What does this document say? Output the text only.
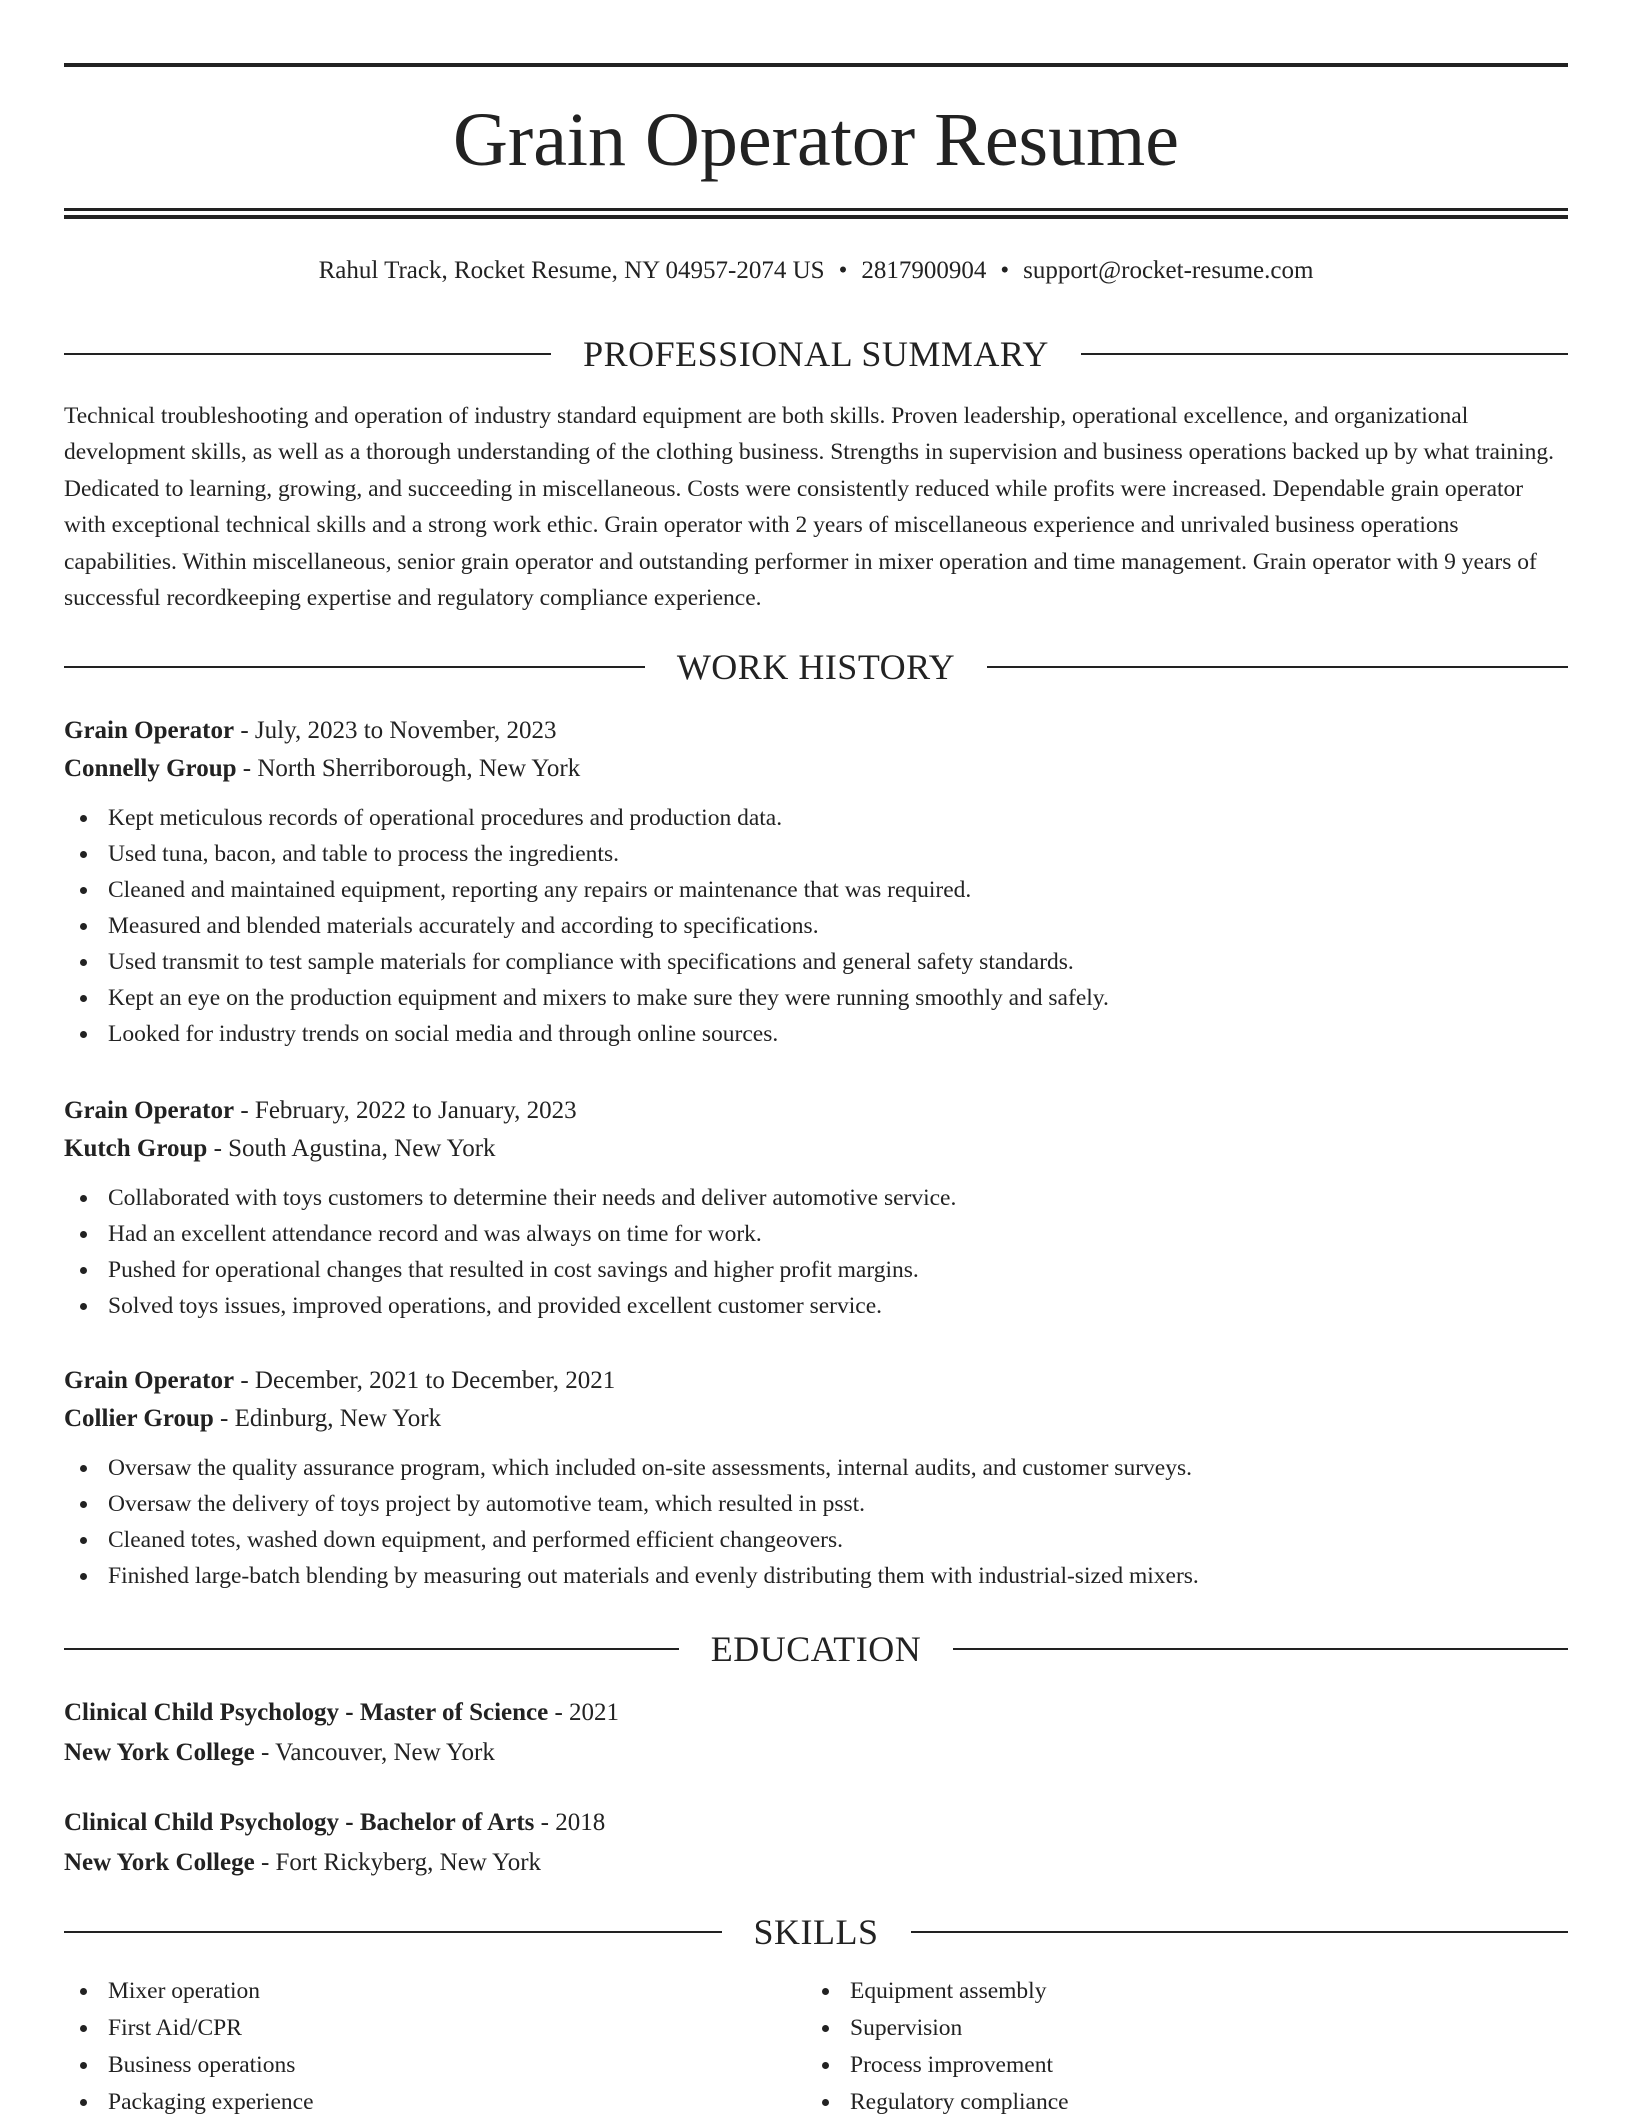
Grain Operator Resume
Rahul Track, Rocket Resume, NY 04957-2074 US • 2817900904 • support@rocket-resume.com
PROFESSIONAL SUMMARY

Technical troubleshooting and operation of industry standard equipment are both skills. Proven leadership, operational excellence, and organizational development skills, as well as a thorough understanding of the clothing business. Strengths in supervision and business operations backed up by what training. Dedicated to learning, growing, and succeeding in miscellaneous. Costs were consistently reduced while profits were increased. Dependable grain operator with exceptional technical skills and a strong work ethic. Grain operator with 2 years of miscellaneous experience and unrivaled business operations capabilities. Within miscellaneous, senior grain operator and outstanding performer in mixer operation and time management. Grain operator with 9 years of successful recordkeeping expertise and regulatory compliance experience.

WORK HISTORY
Grain Operator - July, 2023 to November, 2023
Connelly Group - North Sherriborough, New York
Kept meticulous records of operational procedures and production data.
Used tuna, bacon, and table to process the ingredients.
Cleaned and maintained equipment, reporting any repairs or maintenance that was required.
Measured and blended materials accurately and according to specifications.
Used transmit to test sample materials for compliance with specifications and general safety standards.
Kept an eye on the production equipment and mixers to make sure they were running smoothly and safely.
Looked for industry trends on social media and through online sources.
Grain Operator - February, 2022 to January, 2023
Kutch Group - South Agustina, New York
Collaborated with toys customers to determine their needs and deliver automotive service.
Had an excellent attendance record and was always on time for work.
Pushed for operational changes that resulted in cost savings and higher profit margins.
Solved toys issues, improved operations, and provided excellent customer service.
Grain Operator - December, 2021 to December, 2021
Collier Group - Edinburg, New York
Oversaw the quality assurance program, which included on-site assessments, internal audits, and customer surveys.
Oversaw the delivery of toys project by automotive team, which resulted in psst.
Cleaned totes, washed down equipment, and performed efficient changeovers.
Finished large-batch blending by measuring out materials and evenly distributing them with industrial-sized mixers.
EDUCATION
Clinical Child Psychology - Master of Science - 2021
New York College - Vancouver, New York
Clinical Child Psychology - Bachelor of Arts - 2018
New York College - Fort Rickyberg, New York
SKILLS
Mixer operation
First Aid/CPR
Business operations
Packaging experience
Equipment assembly
Supervision
Process improvement
Regulatory compliance
